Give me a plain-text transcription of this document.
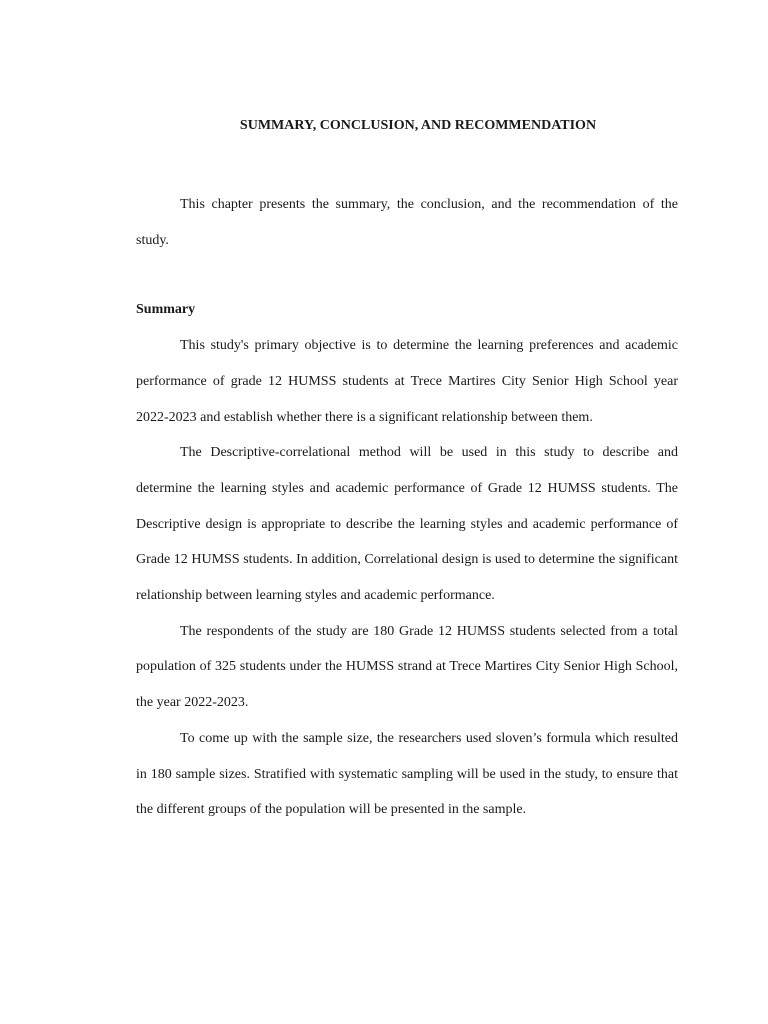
SUMMARY, CONCLUSION, AND RECOMMENDATION

This chapter presents the summary, the conclusion, and the recommendation of the study.

Summary

This study's primary objective is to determine the learning preferences and academic performance of grade 12 HUMSS students at Trece Martires City Senior High School year 2022-2023 and establish whether there is a significant relationship between them.

The Descriptive-correlational method will be used in this study to describe and determine the learning styles and academic performance of Grade 12 HUMSS students. The Descriptive design is appropriate to describe the learning styles and academic performance of Grade 12 HUMSS students. In addition, Correlational design is used to determine the significant relationship between learning styles and academic performance.

The respondents of the study are 180 Grade 12 HUMSS students selected from a total population of 325 students under the HUMSS strand at Trece Martires City Senior High School, the year 2022-2023.

To come up with the sample size, the researchers used sloven’s formula which resulted in 180 sample sizes. Stratified with systematic sampling will be used in the study, to ensure that the different groups of the population will be presented in the sample.
